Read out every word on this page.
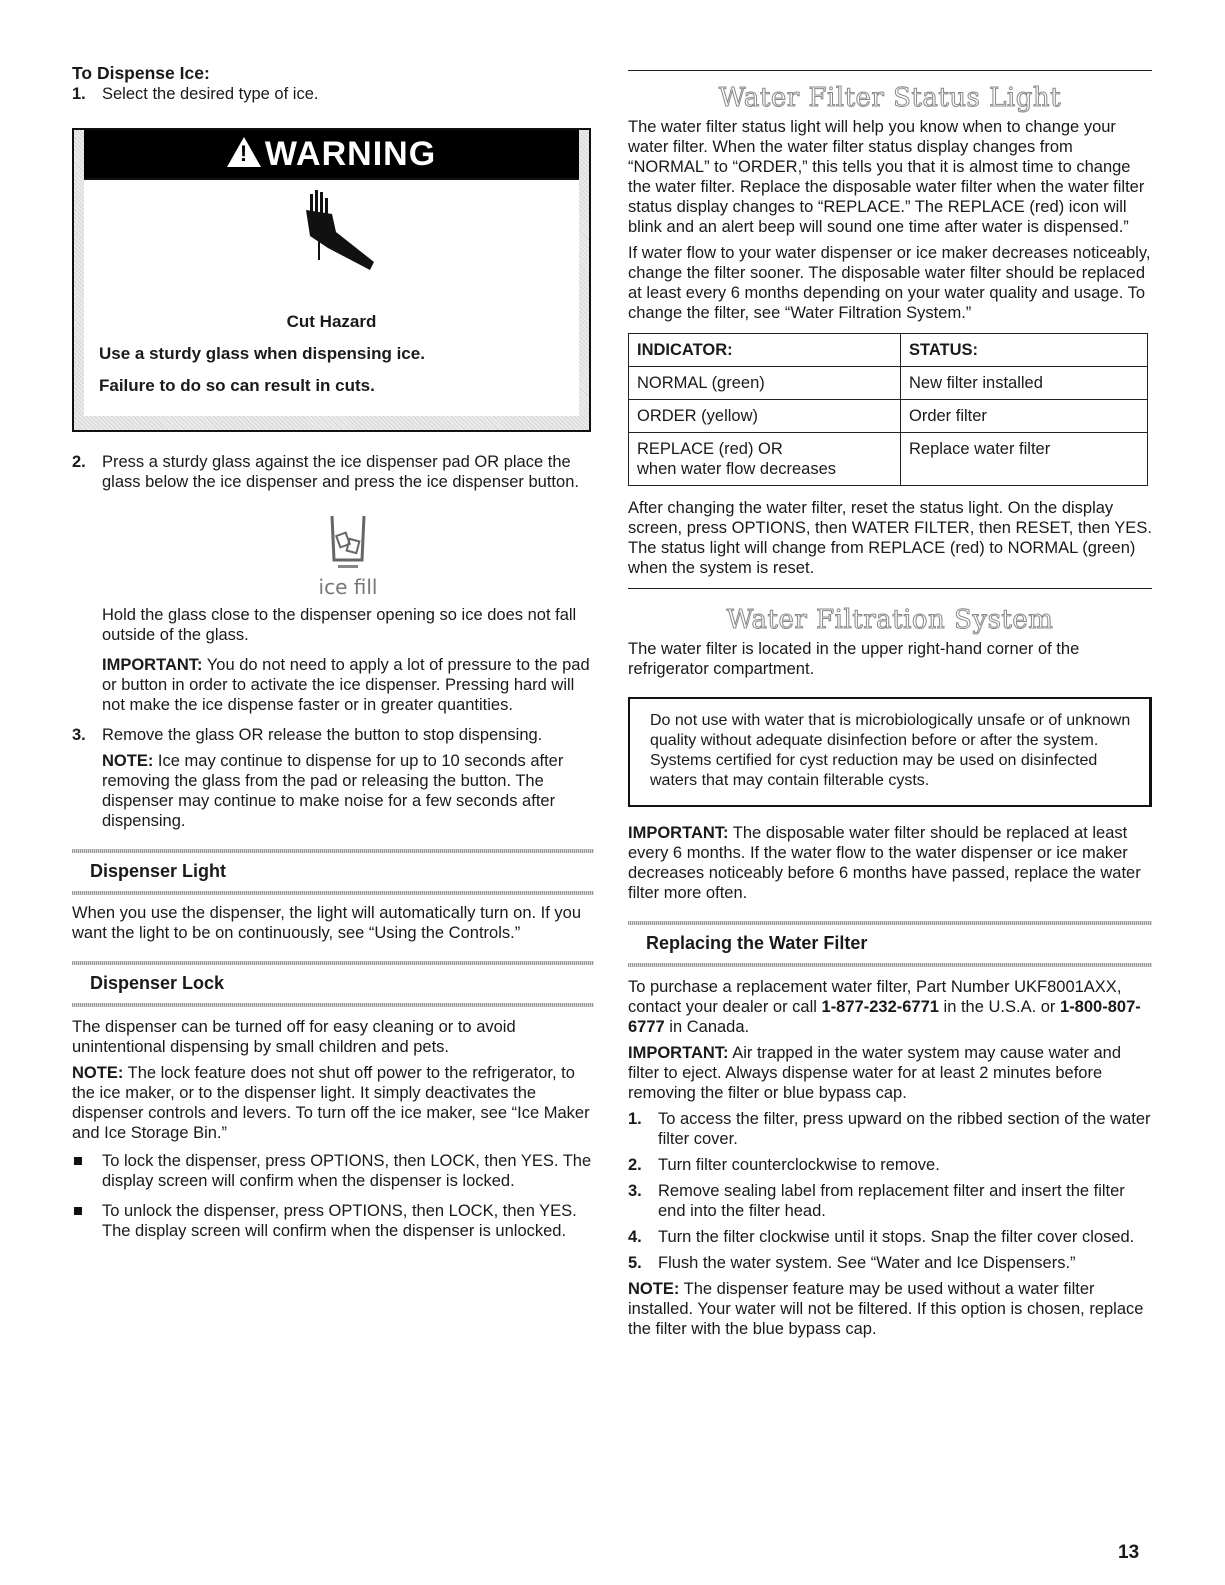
To Dispense Ice:

1. Select the desired type of ice.
!
WARNING

Cut Hazard

Use a sturdy glass when dispensing ice.

Failure to do so can result in cuts.

2. Press a sturdy glass against the ice dispenser pad OR place the glass below the ice dispenser and press the ice dispenser button.
ice fill

Hold the glass close to the dispenser opening so ice does not fall outside of the glass.

IMPORTANT: You do not need to apply a lot of pressure to the pad or button in order to activate the ice dispenser. Pressing hard will not make the ice dispense faster or in greater quantities.

3. Remove the glass OR release the button to stop dispensing.

NOTE: Ice may continue to dispense for up to 10 seconds after removing the glass from the pad or releasing the button. The dispenser may continue to make noise for a few seconds after dispensing.

Dispenser Light

When you use the dispenser, the light will automatically turn on. If you want the light to be on continuously, see “Using the Controls.”

Dispenser Lock

The dispenser can be turned off for easy cleaning or to avoid unintentional dispensing by small children and pets.

NOTE: The lock feature does not shut off power to the refrigerator, to the ice maker, or to the dispenser light. It simply deactivates the dispenser controls and levers. To turn off the ice maker, see “Ice Maker and Ice Storage Bin.”

To lock the dispenser, press OPTIONS, then LOCK, then YES. The display screen will confirm when the dispenser is locked.
To unlock the dispenser, press OPTIONS, then LOCK, then YES. The display screen will confirm when the dispenser is unlocked.
Water Filter Status Light

The water filter status light will help you know when to change your water filter. When the water filter status display changes from “NORMAL” to “ORDER,” this tells you that it is almost time to change the water filter. Replace the disposable water filter when the water filter status display changes to “REPLACE.” The REPLACE (red) icon will blink and an alert beep will sound one time after water is dispensed.”

If water flow to your water dispenser or ice maker decreases noticeably, change the filter sooner. The disposable water filter should be replaced at least every 6 months depending on your water quality and usage. To change the filter, see “Water Filtration System.”

INDICATOR:	STATUS:
NORMAL (green)	New filter installed
ORDER (yellow)	Order filter

REPLACE (red) OR
when water flow decreases	Replace water filter

After changing the water filter, reset the status light. On the display screen, press OPTIONS, then WATER FILTER, then RESET, then YES. The status light will change from REPLACE (red) to NORMAL (green) when the system is reset.

Water Filtration System

The water filter is located in the upper right-hand corner of the refrigerator compartment.

Do not use with water that is microbiologically unsafe or of unknown quality without adequate disinfection before or after the system. Systems certified for cyst reduction may be used on disinfected waters that may contain filterable cysts.

IMPORTANT: The disposable water filter should be replaced at least every 6 months. If the water flow to the water dispenser or ice maker decreases noticeably before 6 months have passed, replace the water filter more often.

Replacing the Water Filter

To purchase a replacement water filter, Part Number UKF8001AXX, contact your dealer or call 1-877-232-6771 in the U.S.A. or 1-800-807-6777 in Canada.

IMPORTANT: Air trapped in the water system may cause water and filter to eject. Always dispense water for at least 2 minutes before removing the filter or blue bypass cap.

1. To access the filter, press upward on the ribbed section of the water filter cover.
2. Turn filter counterclockwise to remove.
3. Remove sealing label from replacement filter and insert the filter end into the filter head.
4. Turn the filter clockwise until it stops. Snap the filter cover closed.
5. Flush the water system. See “Water and Ice Dispensers.”

NOTE: The dispenser feature may be used without a water filter installed. Your water will not be filtered. If this option is chosen, replace the filter with the blue bypass cap.

13
